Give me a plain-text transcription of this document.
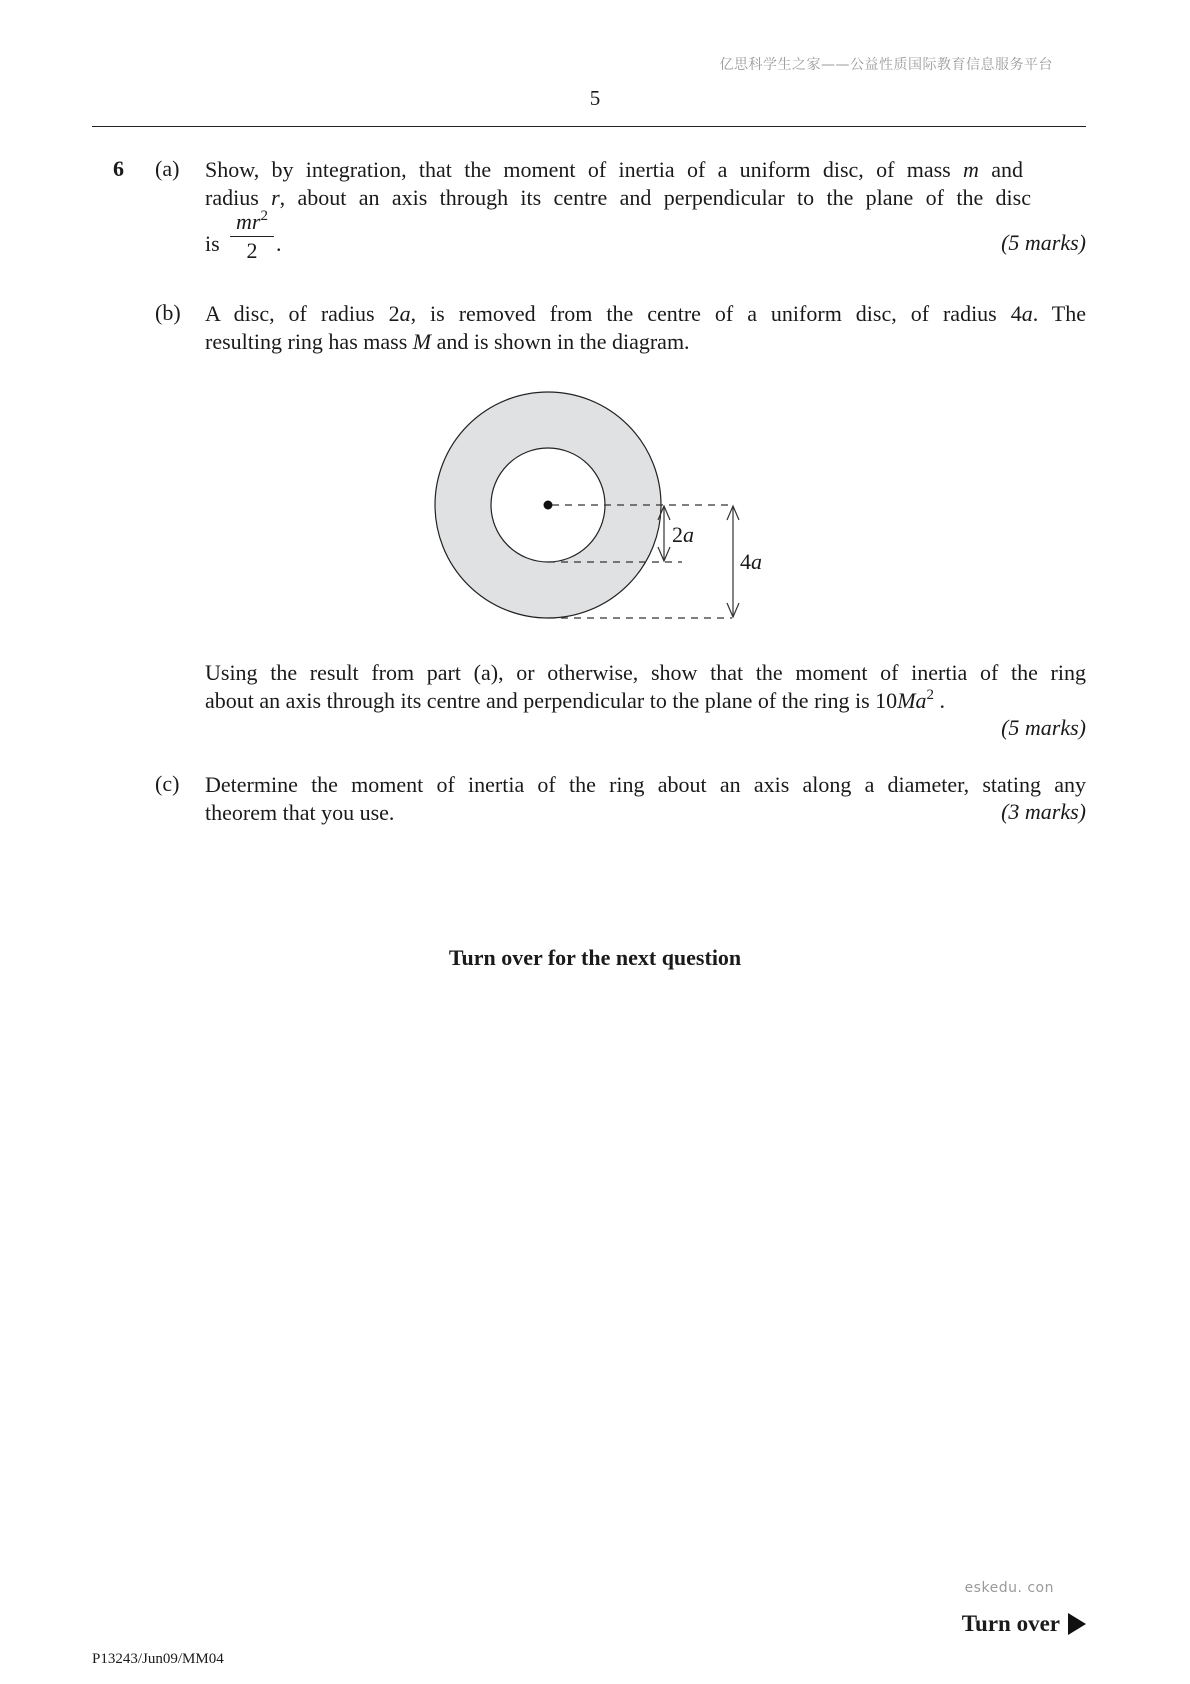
亿思科学生之家——公益性质国际教育信息服务平台
5
6 (a) Show, by integration, that the moment of inertia of a uniform disc, of mass m and
radius r, about an axis through its centre and perpendicular to the plane of the disc
is $\frac{mr^2}{2}$ .	(5 marks)
(b) A disc, of radius 2a, is removed from the centre of a uniform disc, of radius 4a. The
resulting ring has mass M and is shown in the diagram.
2a
4a
Using the result from part (a), or otherwise, show that the moment of inertia of the ring
about an axis through its centre and perpendicular to the plane of the ring is 10Ma$^2$ .
(5 marks)
(c) Determine the moment of inertia of the ring about an axis along a diameter, stating any
theorem that you use.	(3 marks)
Turn over for the next question
eskedu. con
Turn over
P13243/Jun09/MM04
